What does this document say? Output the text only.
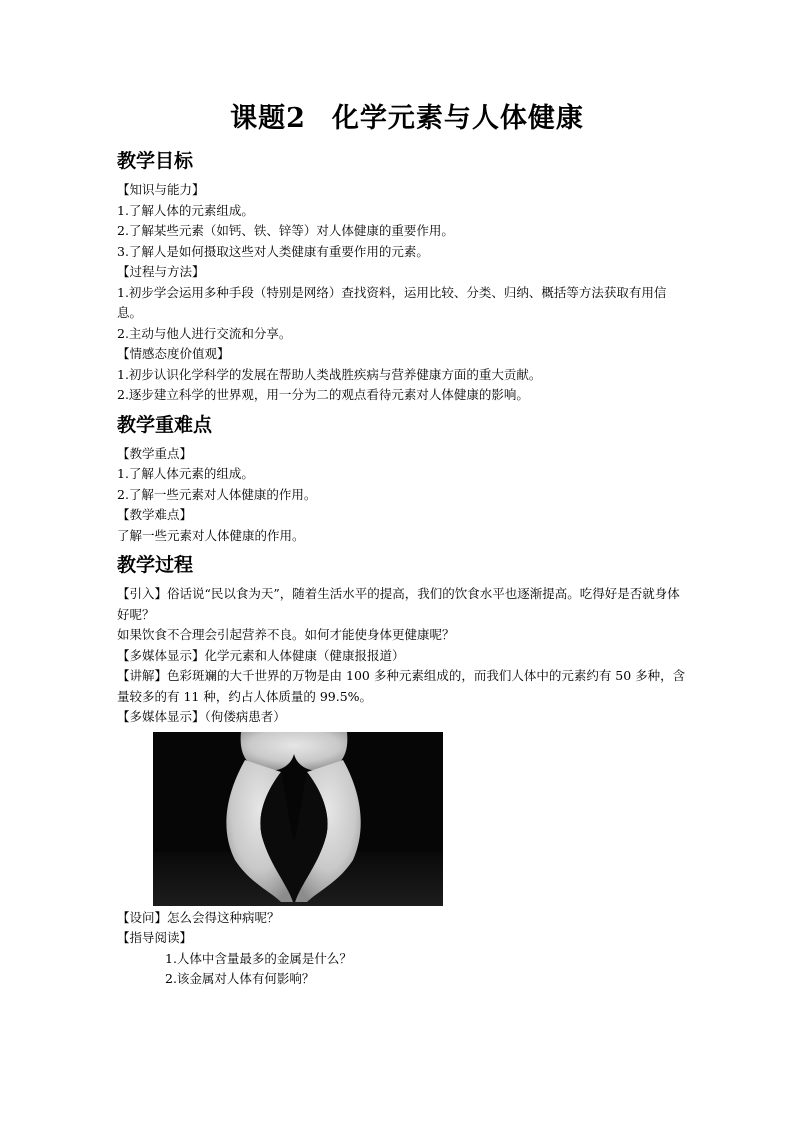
课题2 化学元素与人体健康
教学目标

【知识与能力】

1.了解人体的元素组成。

2.了解某些元素（如钙、铁、锌等）对人体健康的重要作用。

3.了解人是如何摄取这些对人类健康有重要作用的元素。

【过程与方法】

1.初步学会运用多种手段（特别是网络）查找资料，运用比较、分类、归纳、概括等方法获取有用信息。

2.主动与他人进行交流和分享。

【情感态度价值观】

1.初步认识化学科学的发展在帮助人类战胜疾病与营养健康方面的重大贡献。

2.逐步建立科学的世界观，用一分为二的观点看待元素对人体健康的影响。

教学重难点

【教学重点】

1.了解人体元素的组成。

2.了解一些元素对人体健康的作用。

【教学难点】

了解一些元素对人体健康的作用。

教学过程

【引入】俗话说“民以食为天”，随着生活水平的提高，我们的饮食水平也逐渐提高。吃得好是否就身体好呢？

如果饮食不合理会引起营养不良。如何才能使身体更健康呢？

【多媒体显示】化学元素和人体健康（健康报报道）

【讲解】色彩斑斓的大千世界的万物是由 100 多种元素组成的，而我们人体中的元素约有 50 多种，含量较多的有 11 种，约占人体质量的 99.5%。

【多媒体显示】（佝偻病患者）

【设问】怎么会得这种病呢？

【指导阅读】

1.人体中含量最多的金属是什么？

2.该金属对人体有何影响？
